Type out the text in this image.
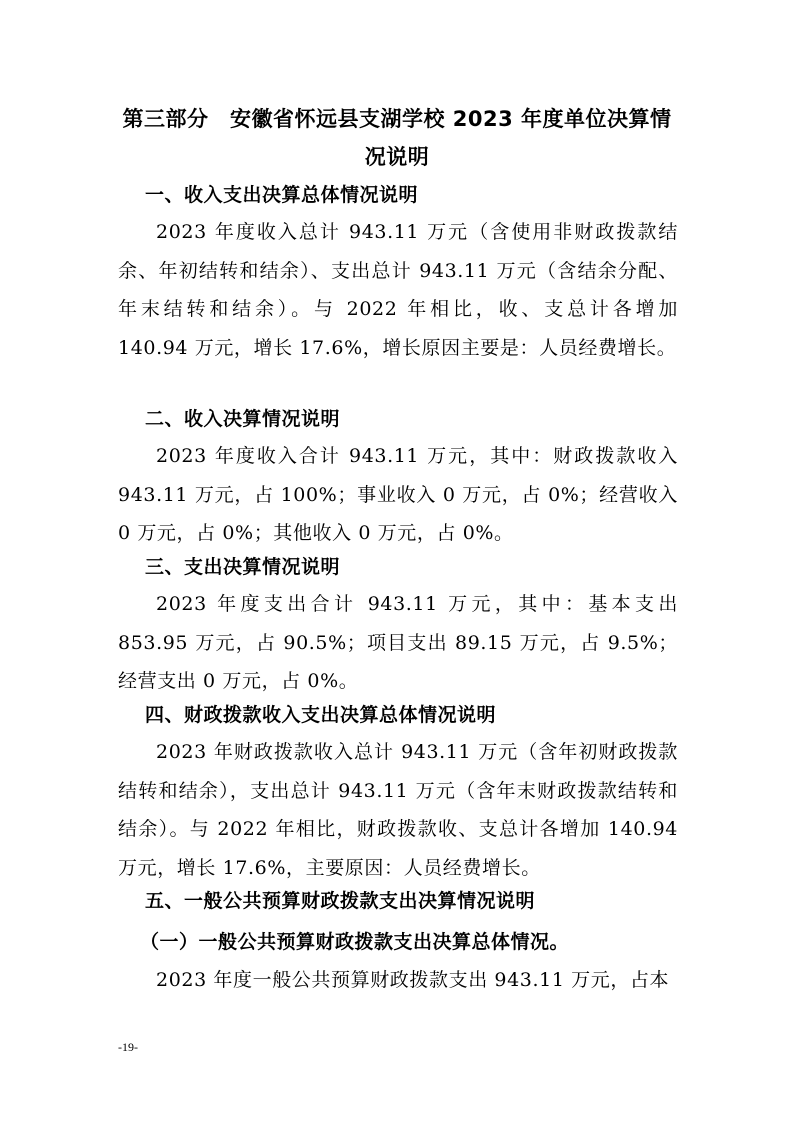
第三部分　安徽省怀远县支湖学校 2023 年度单位决算情况说明
一、收入支出决算总体情况说明
2023 年度收入总计 943.11 万元（含使用非财政拨款结余、年初结转和结余）、支出总计 943.11 万元（含结余分配、年末结转和结余）。与 2022 年相比，收、支总计各增加 140.94 万元，增长 17.6%，增长原因主要是：人员经费增长。
二、收入决算情况说明
2023 年度收入合计 943.11 万元，其中：财政拨款收入 943.11 万元，占 100%；事业收入 0 万元，占 0%；经营收入 0 万元，占 0%；其他收入 0 万元，占 0%。
三、支出决算情况说明
2023 年度支出合计 943.11 万元，其中：基本支出 853.95 万元，占 90.5%；项目支出 89.15 万元，占 9.5%；经营支出 0 万元，占 0%。
四、财政拨款收入支出决算总体情况说明
2023 年财政拨款收入总计 943.11 万元（含年初财政拨款结转和结余），支出总计 943.11 万元（含年末财政拨款结转和结余）。与 2022 年相比，财政拨款收、支总计各增加 140.94 万元，增长 17.6%，主要原因：人员经费增长。
五、一般公共预算财政拨款支出决算情况说明
（一）一般公共预算财政拨款支出决算总体情况。
2023 年度一般公共预算财政拨款支出 943.11 万元，占本
-19-
